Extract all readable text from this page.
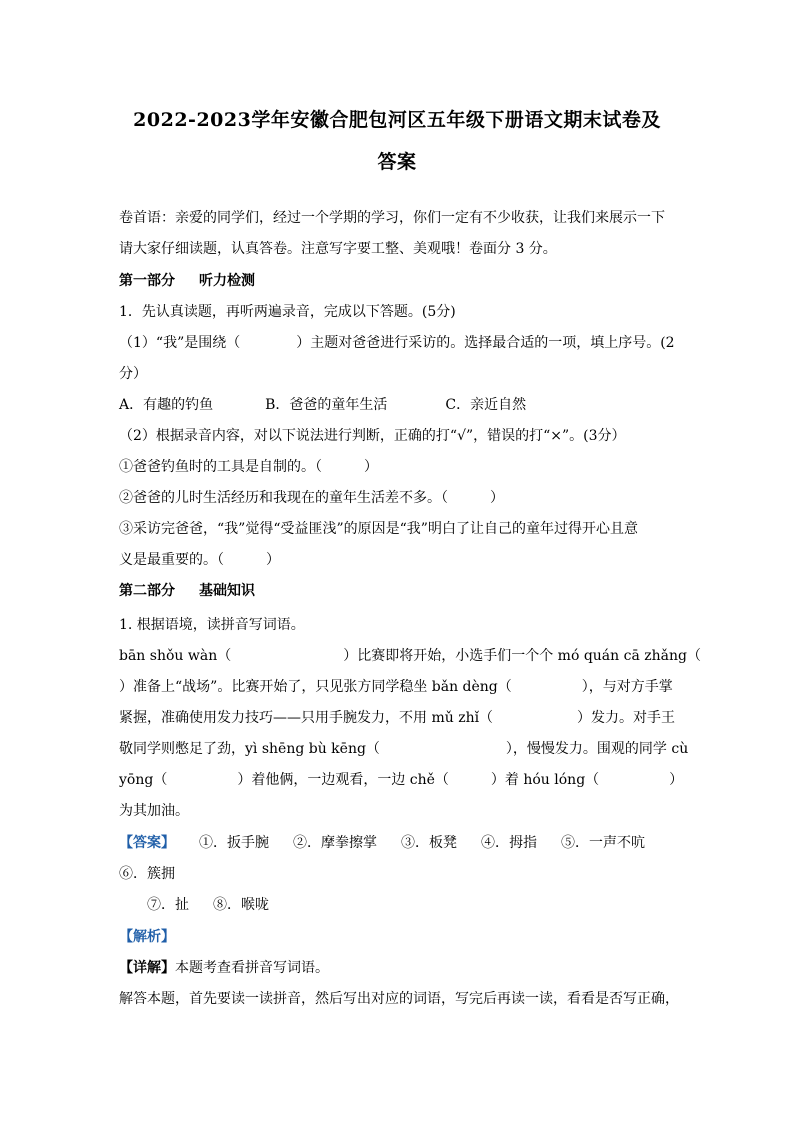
2022-2023学年安徽合肥包河区五年级下册语文期末试卷及
答案
卷首语：亲爱的同学们，经过一个学期的学习，你们一定有不少收获，让我们来展示一下
请大家仔细读题，认真答卷。注意写字要工整、美观哦！卷面分 3 分。
第一部分 听力检测
1．先认真读题，再听两遍录音，完成以下答题。(5分)
（1）“我”是围绕（　　　　）主题对爸爸进行采访的。选择最合适的一项，填上序号。(2
分）
A．有趣的钓鱼	B．爸爸的童年生活	C．亲近自然
（2）根据录音内容，对以下说法进行判断，正确的打“√”，错误的打“×”。(3分）
①爸爸钓鱼时的工具是自制的。（　　　）
②爸爸的儿时生活经历和我现在的童年生活差不多。（　　　）
③采访完爸爸，“我”觉得“受益匪浅”的原因是“我”明白了让自己的童年过得开心且意
义是最重要的。（　　　）
第二部分 基础知识
1. 根据语境，读拼音写词语。
bān shǒu wàn（　　　　　　　　）比赛即将开始，小选手们一个个 mó quán cā zhǎng（
）准备上“战场”。比赛开始了，只见张方同学稳坐 bǎn dèng（　　　　　），与对方手掌
紧握，准确使用发力技巧——只用手腕发力，不用 mǔ zhǐ（　　　　　　）发力。对手王
敬同学则憋足了劲，yì shēng bù kēng（　　　　　　　　　），慢慢发力。围观的同学 cù
yōng（　　　　　）着他俩，一边观看，一边 chě（　　　）着 hóu lóng（　　　　　）
为其加油。
【答案】 ①．扳手腕 ②．摩拳擦掌 ③．板凳 ④．拇指 ⑤．一声不吭
⑥．簇拥
⑦．扯 ⑧．喉咙
【解析】
【详解】本题考查看拼音写词语。
解答本题，首先要读一读拼音，然后写出对应的词语，写完后再读一读，看看是否写正确，
